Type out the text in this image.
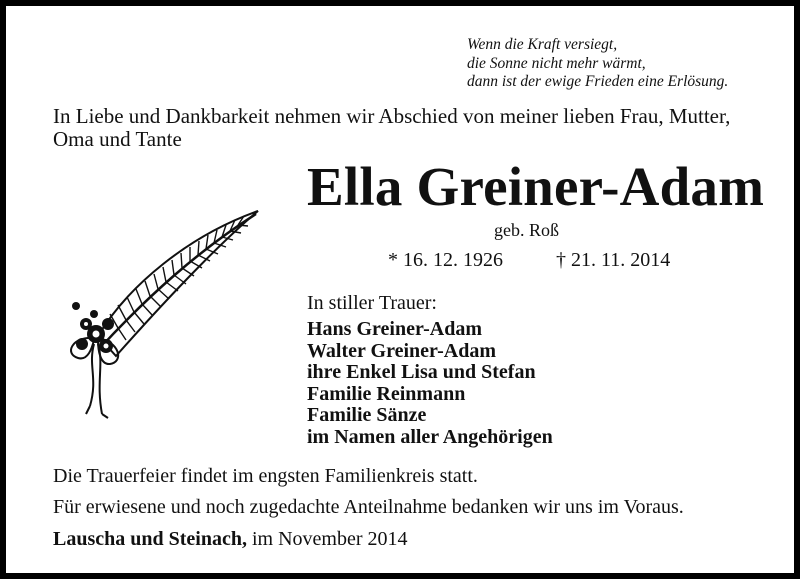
Wenn die Kraft versiegt,
die Sonne nicht mehr wärmt,
dann ist der ewige Frieden eine Erlösung.
In Liebe und Dankbarkeit nehmen wir Abschied von meiner lieben Frau, Mutter, Oma und Tante
Ella Greiner-Adam
geb. Roß
* 16. 12. 1926	† 21. 11. 2014
In stiller Trauer:
Hans Greiner-Adam
Walter Greiner-Adam
ihre Enkel Lisa und Stefan
Familie Reinmann
Familie Sänze
im Namen aller Angehörigen
Die Trauerfeier findet im engsten Familienkreis statt.
Für erwiesene und noch zugedachte Anteilnahme bedanken wir uns im Voraus.
Lauscha und Steinach, im November 2014
